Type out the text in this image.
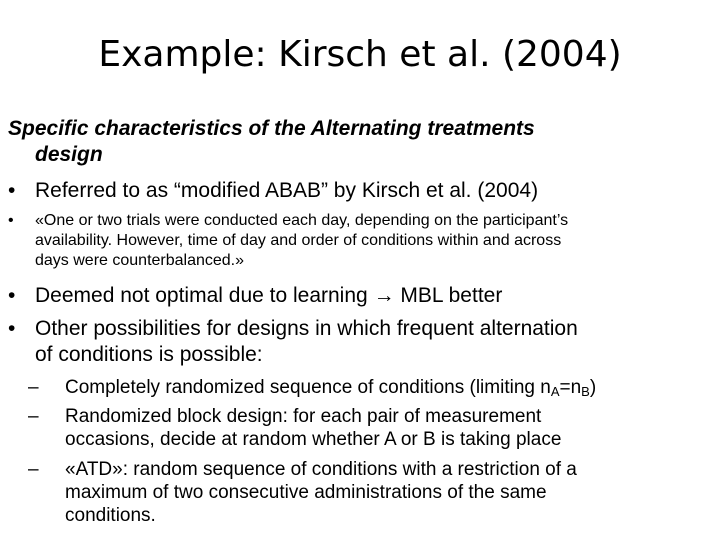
Example: Kirsch et al. (2004)
Specific characteristics of the Alternating treatments
design
• Referred to as “modified ABAB” by Kirsch et al. (2004)
•	«One or two trials were conducted each day, depending on the participant’s
availability. However, time of day and order of conditions within and across
days were counterbalanced.»
• Deemed not optimal due to learning → MBL better
• Other possibilities for designs in which frequent alternation
of conditions is possible:
–	Completely randomized sequence of conditions (limiting $n_A=n_B$)
–	Randomized block design: for each pair of measurement
occasions, decide at random whether A or B is taking place
–	«ATD»: random sequence of conditions with a restriction of a
maximum of two consecutive administrations of the same
conditions.
